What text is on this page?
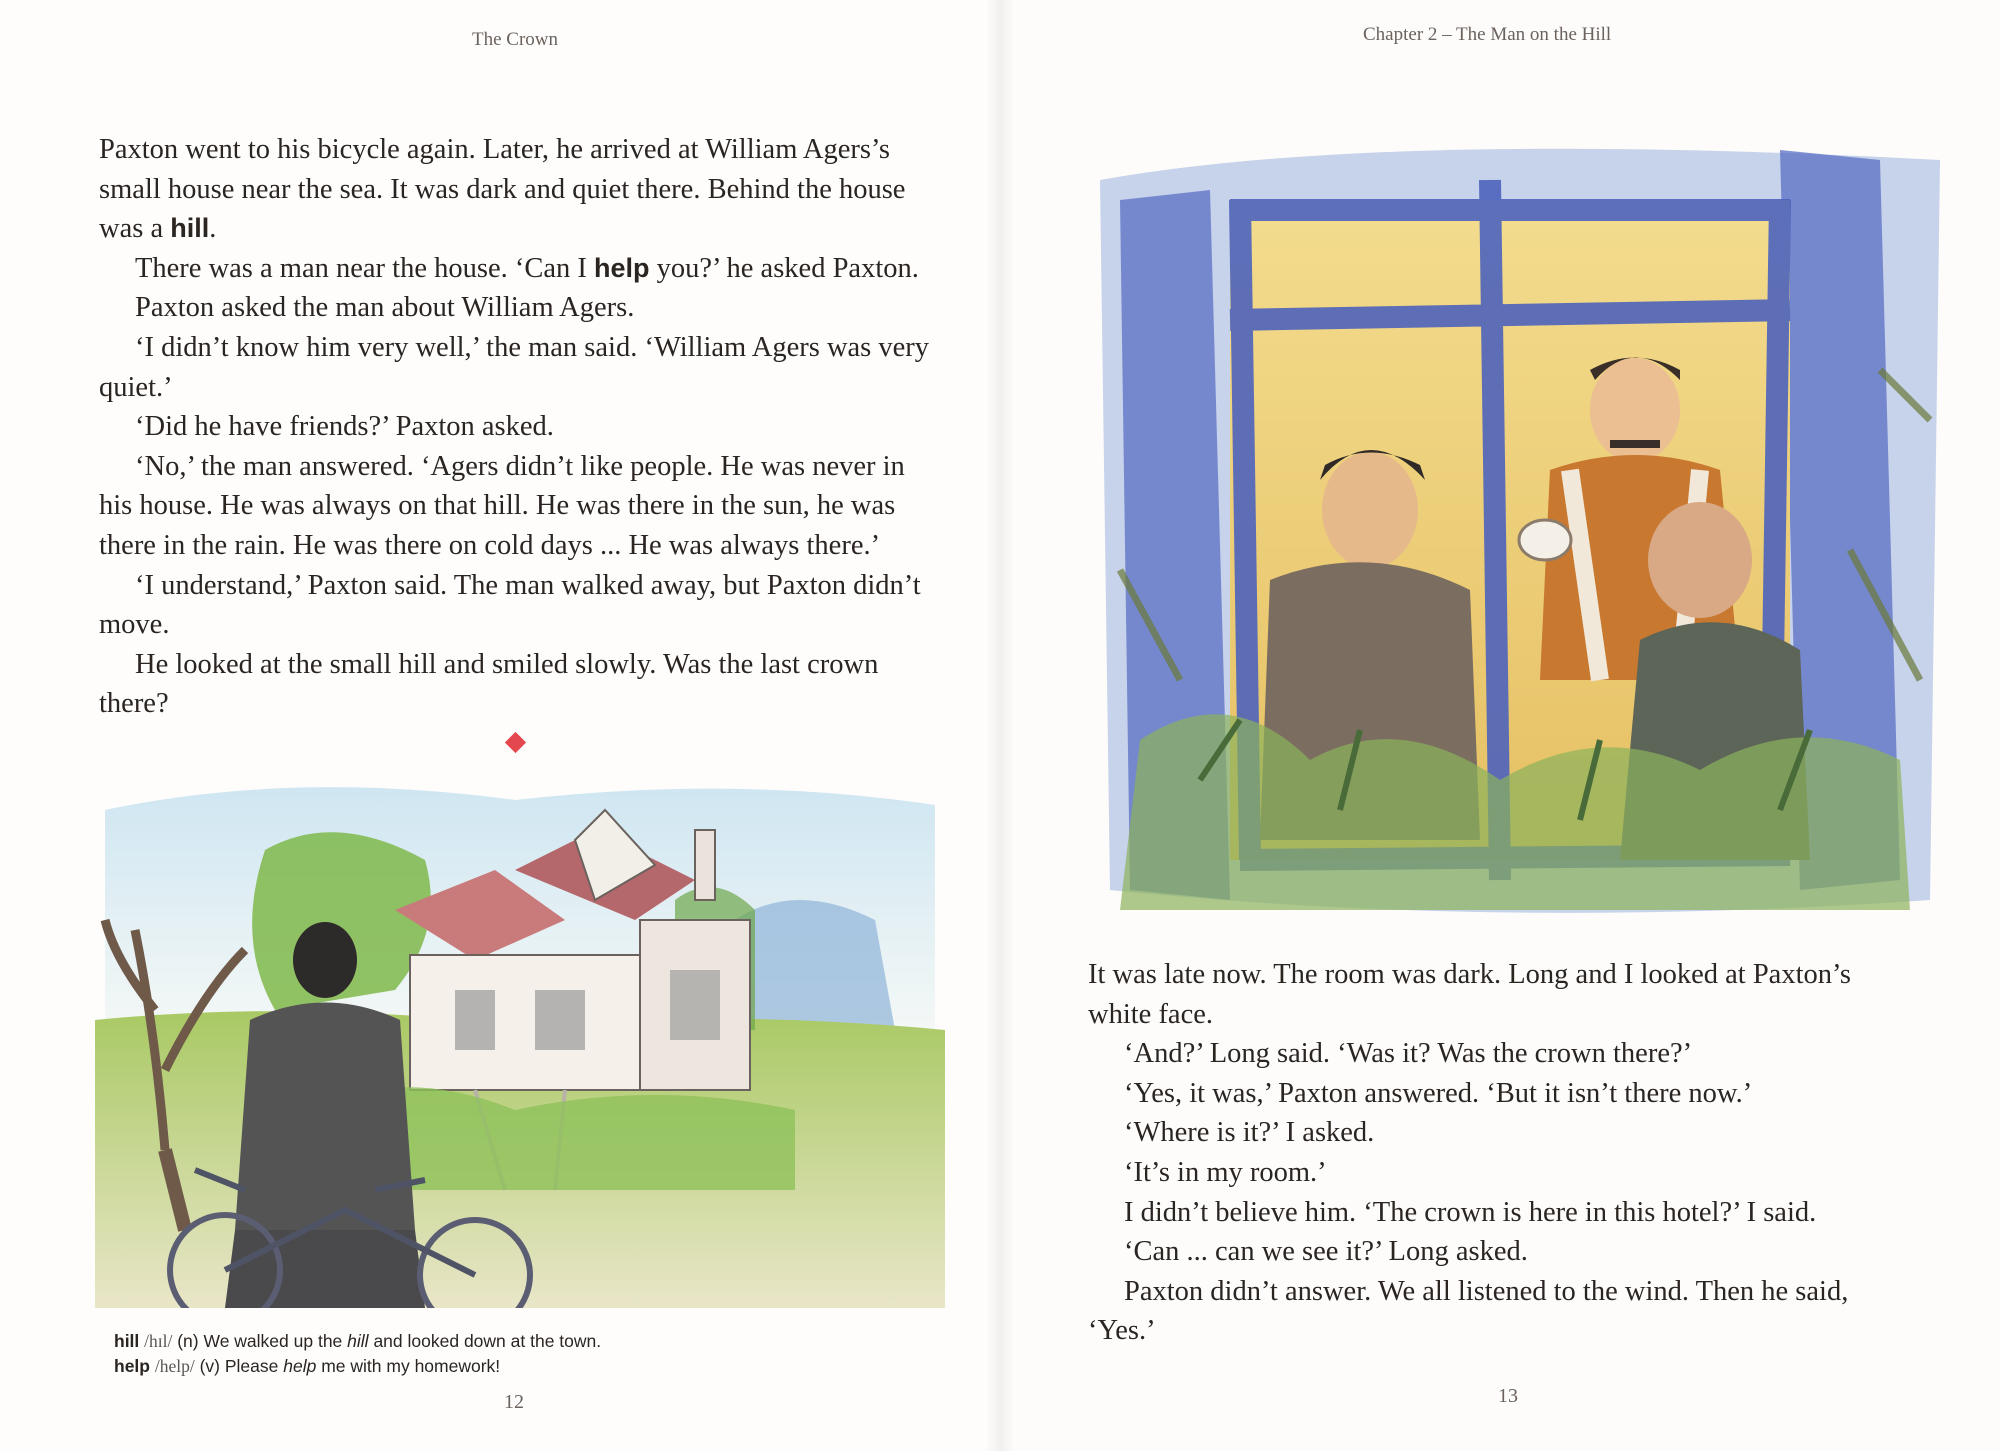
The Crown

Paxton went to his bicycle again. Later, he arrived at William Agers’s small house near the sea. It was dark and quiet there. Behind the house was a hill.

There was a man near the house. ‘Can I help you?’ he asked Paxton.

Paxton asked the man about William Agers.

‘I didn’t know him very well,’ the man said. ‘William Agers was very quiet.’

‘Did he have friends?’ Paxton asked.

‘No,’ the man answered. ‘Agers didn’t like people. He was never in his house. He was always on that hill. He was there in the sun, he was there in the rain. He was there on cold days ... He was always there.’

‘I understand,’ Paxton said. The man walked away, but Paxton didn’t move.

He looked at the small hill and smiled slowly. Was the last crown there?

hill /hɪl/ (n) We walked up the hill and looked down at the town.
help /help/ (v) Please help me with my homework!
12
Chapter 2 – The Man on the Hill

It was late now. The room was dark. Long and I looked at Paxton’s white face.

‘And?’ Long said. ‘Was it? Was the crown there?’

‘Yes, it was,’ Paxton answered. ‘But it isn’t there now.’

‘Where is it?’ I asked.

‘It’s in my room.’

I didn’t believe him. ‘The crown is here in this hotel?’ I said.

‘Can ... can we see it?’ Long asked.

Paxton didn’t answer. We all listened to the wind. Then he said, ‘Yes.’

13
